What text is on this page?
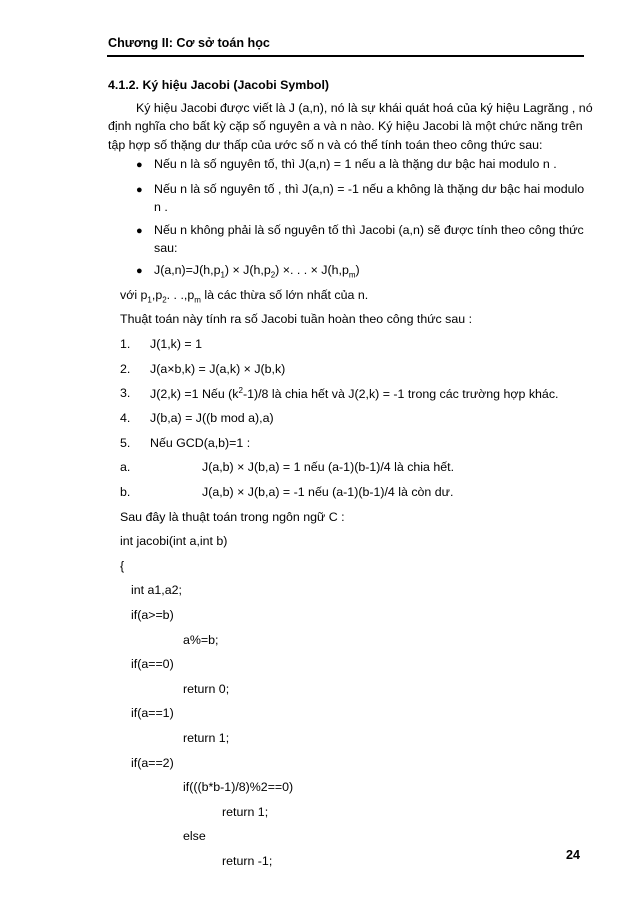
Chương II: Cơ sở toán học
4.1.2. Ký hiệu Jacobi (Jacobi Symbol)
Ký hiệu Jacobi được viết là J (a,n), nó là sự khái quát hoá của ký hiệu Lagrăng , nó
định nghĩa cho bất kỳ cặp số nguyên a và n nào. Ký hiệu Jacobi là một chức năng trên
tập hợp số thặng dư thấp của ước số n và có thể tính toán theo công thức sau:
● Nếu n là số nguyên tố, thì J(a,n) = 1 nếu a là thặng dư bậc hai modulo n .
● Nếu n là số nguyên tố , thì J(a,n) = -1 nếu a không là thặng dư bậc hai modulo
n .
● Nếu n không phải là số nguyên tố thì Jacobi (a,n) sẽ được tính theo công thức
sau:
● $J(a,n)=J(h,p_1) \times J(h,p_2)$ ×. . . × $J(h,p_m)$
với $p_1,p_2$. . $.,p_m$ là các thừa số lớn nhất của n.
Thuật toán này tính ra số Jacobi tuần hoàn theo công thức sau :
1. J(1,k) = 1
2. J(a×b,k) = J(a,k) × J(b,k)
3. J(2,k) =1 Nếu $(k^2-1)/8$ là chia hết và J(2,k) = -1 trong các trường hợp khác.
4. J(b,a) = J((b mod a),a)
5. Nếu GCD(a,b)=1 :
a.	J(a,b) × J(b,a) = 1 nếu (a-1)(b-1)/4 là chia hết.
b.	J(a,b) × J(b,a) = -1 nếu (a-1)(b-1)/4 là còn dư.
Sau đây là thuật toán trong ngôn ngữ C :
int jacobi(int a,int b)
{
int a1,a2;
if(a>=b)
a%=b;
if(a==0)
return 0;
if(a==1)
return 1;
if(a==2)
if(((b*b-1)/8)%2==0)
return 1;
else
return -1;	24
